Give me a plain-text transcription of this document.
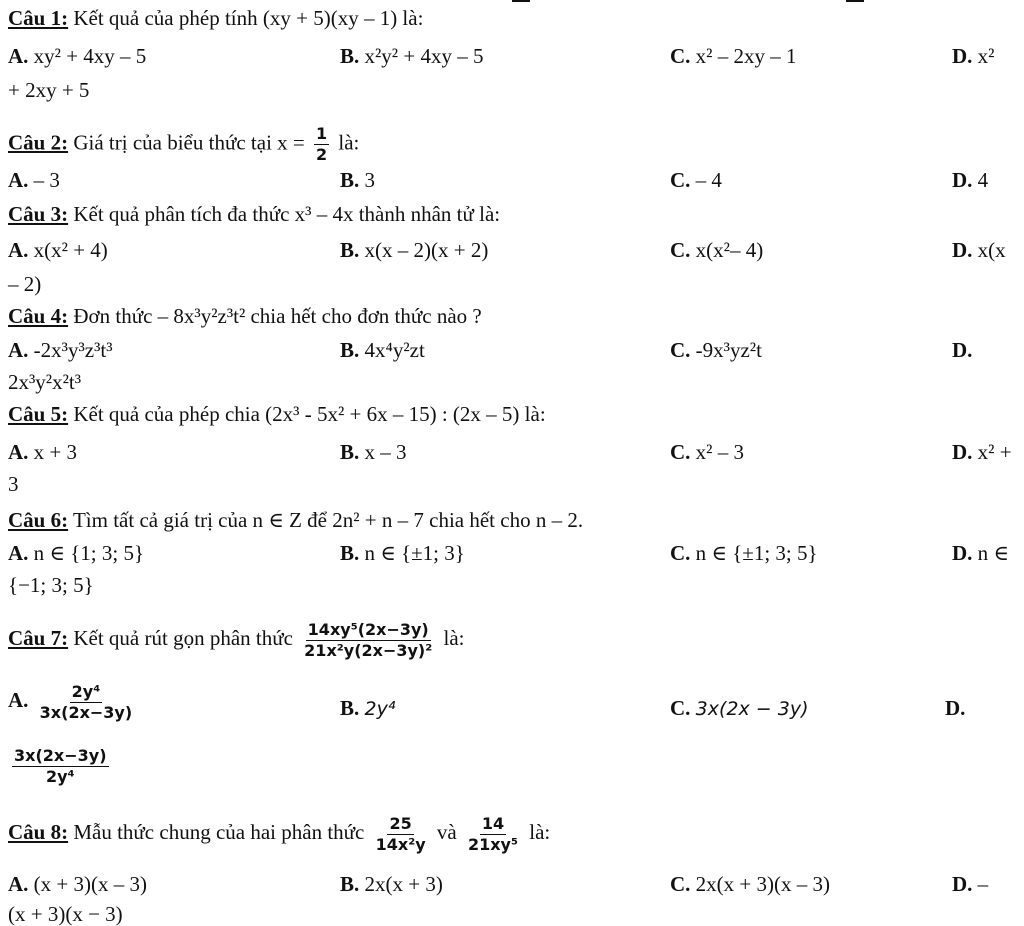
Câu 1: Kết quả của phép tính (xy + 5)(xy – 1) là:
A. xy² + 4xy – 5	B. x²y² + 4xy – 5	C. x² – 2xy – 1	D. x²
+ 2xy + 5
Câu 2: Giá trị của biểu thức tại $x = \frac{1}{2}$ là:
A. – 3	B. 3	C. – 4	D. 4
Câu 3: Kết quả phân tích đa thức x³ – 4x thành nhân tử là:
A. x(x² + 4)	B. x(x – 2)(x + 2)	C. x(x²– 4)	D. x(x
– 2)
Câu 4: Đơn thức – 8x³y²z³t² chia hết cho đơn thức nào ?
A. -2x³y³z³t³	B. 4x⁴y²zt	C. -9x³yz²t	D.
2x³y²x²t³
Câu 5: Kết quả của phép chia (2x³ - 5x² + 6x – 15) : (2x – 5) là:
A. x + 3	B. x – 3	C. x² – 3	D. x² +
3
Câu 6: Tìm tất cả giá trị của n ∈ Z để 2n² + n – 7 chia hết cho n – 2.
A. n ∈ {1; 3; 5}	B. n ∈ {±1; 3}	C. n ∈ {±1; 3; 5}	D. n ∈
{−1; 3; 5}
Câu 7: Kết quả rút gọn phân thức $\frac{\text{14xy⁵(2x−3y)}}{\text{21x²y(2x−3y)²}}$ là:
A. $\frac{\text{2y⁴}}{3x(2x-3y)}$	B. 2y⁴	C. 3x(2x − 3y)	D.
$\frac{3x(2x-3y)}{\text{2y⁴}}$
Câu 8: Mẫu thức chung của hai phân thức $\frac{25}{\text{14x²y}}$ và $\frac{14}{\text{21xy⁵}}$ là:
A. (x + 3)(x – 3)	B. 2x(x + 3)	C. 2x(x + 3)(x – 3)	D. –
(x + 3)(x − 3)
